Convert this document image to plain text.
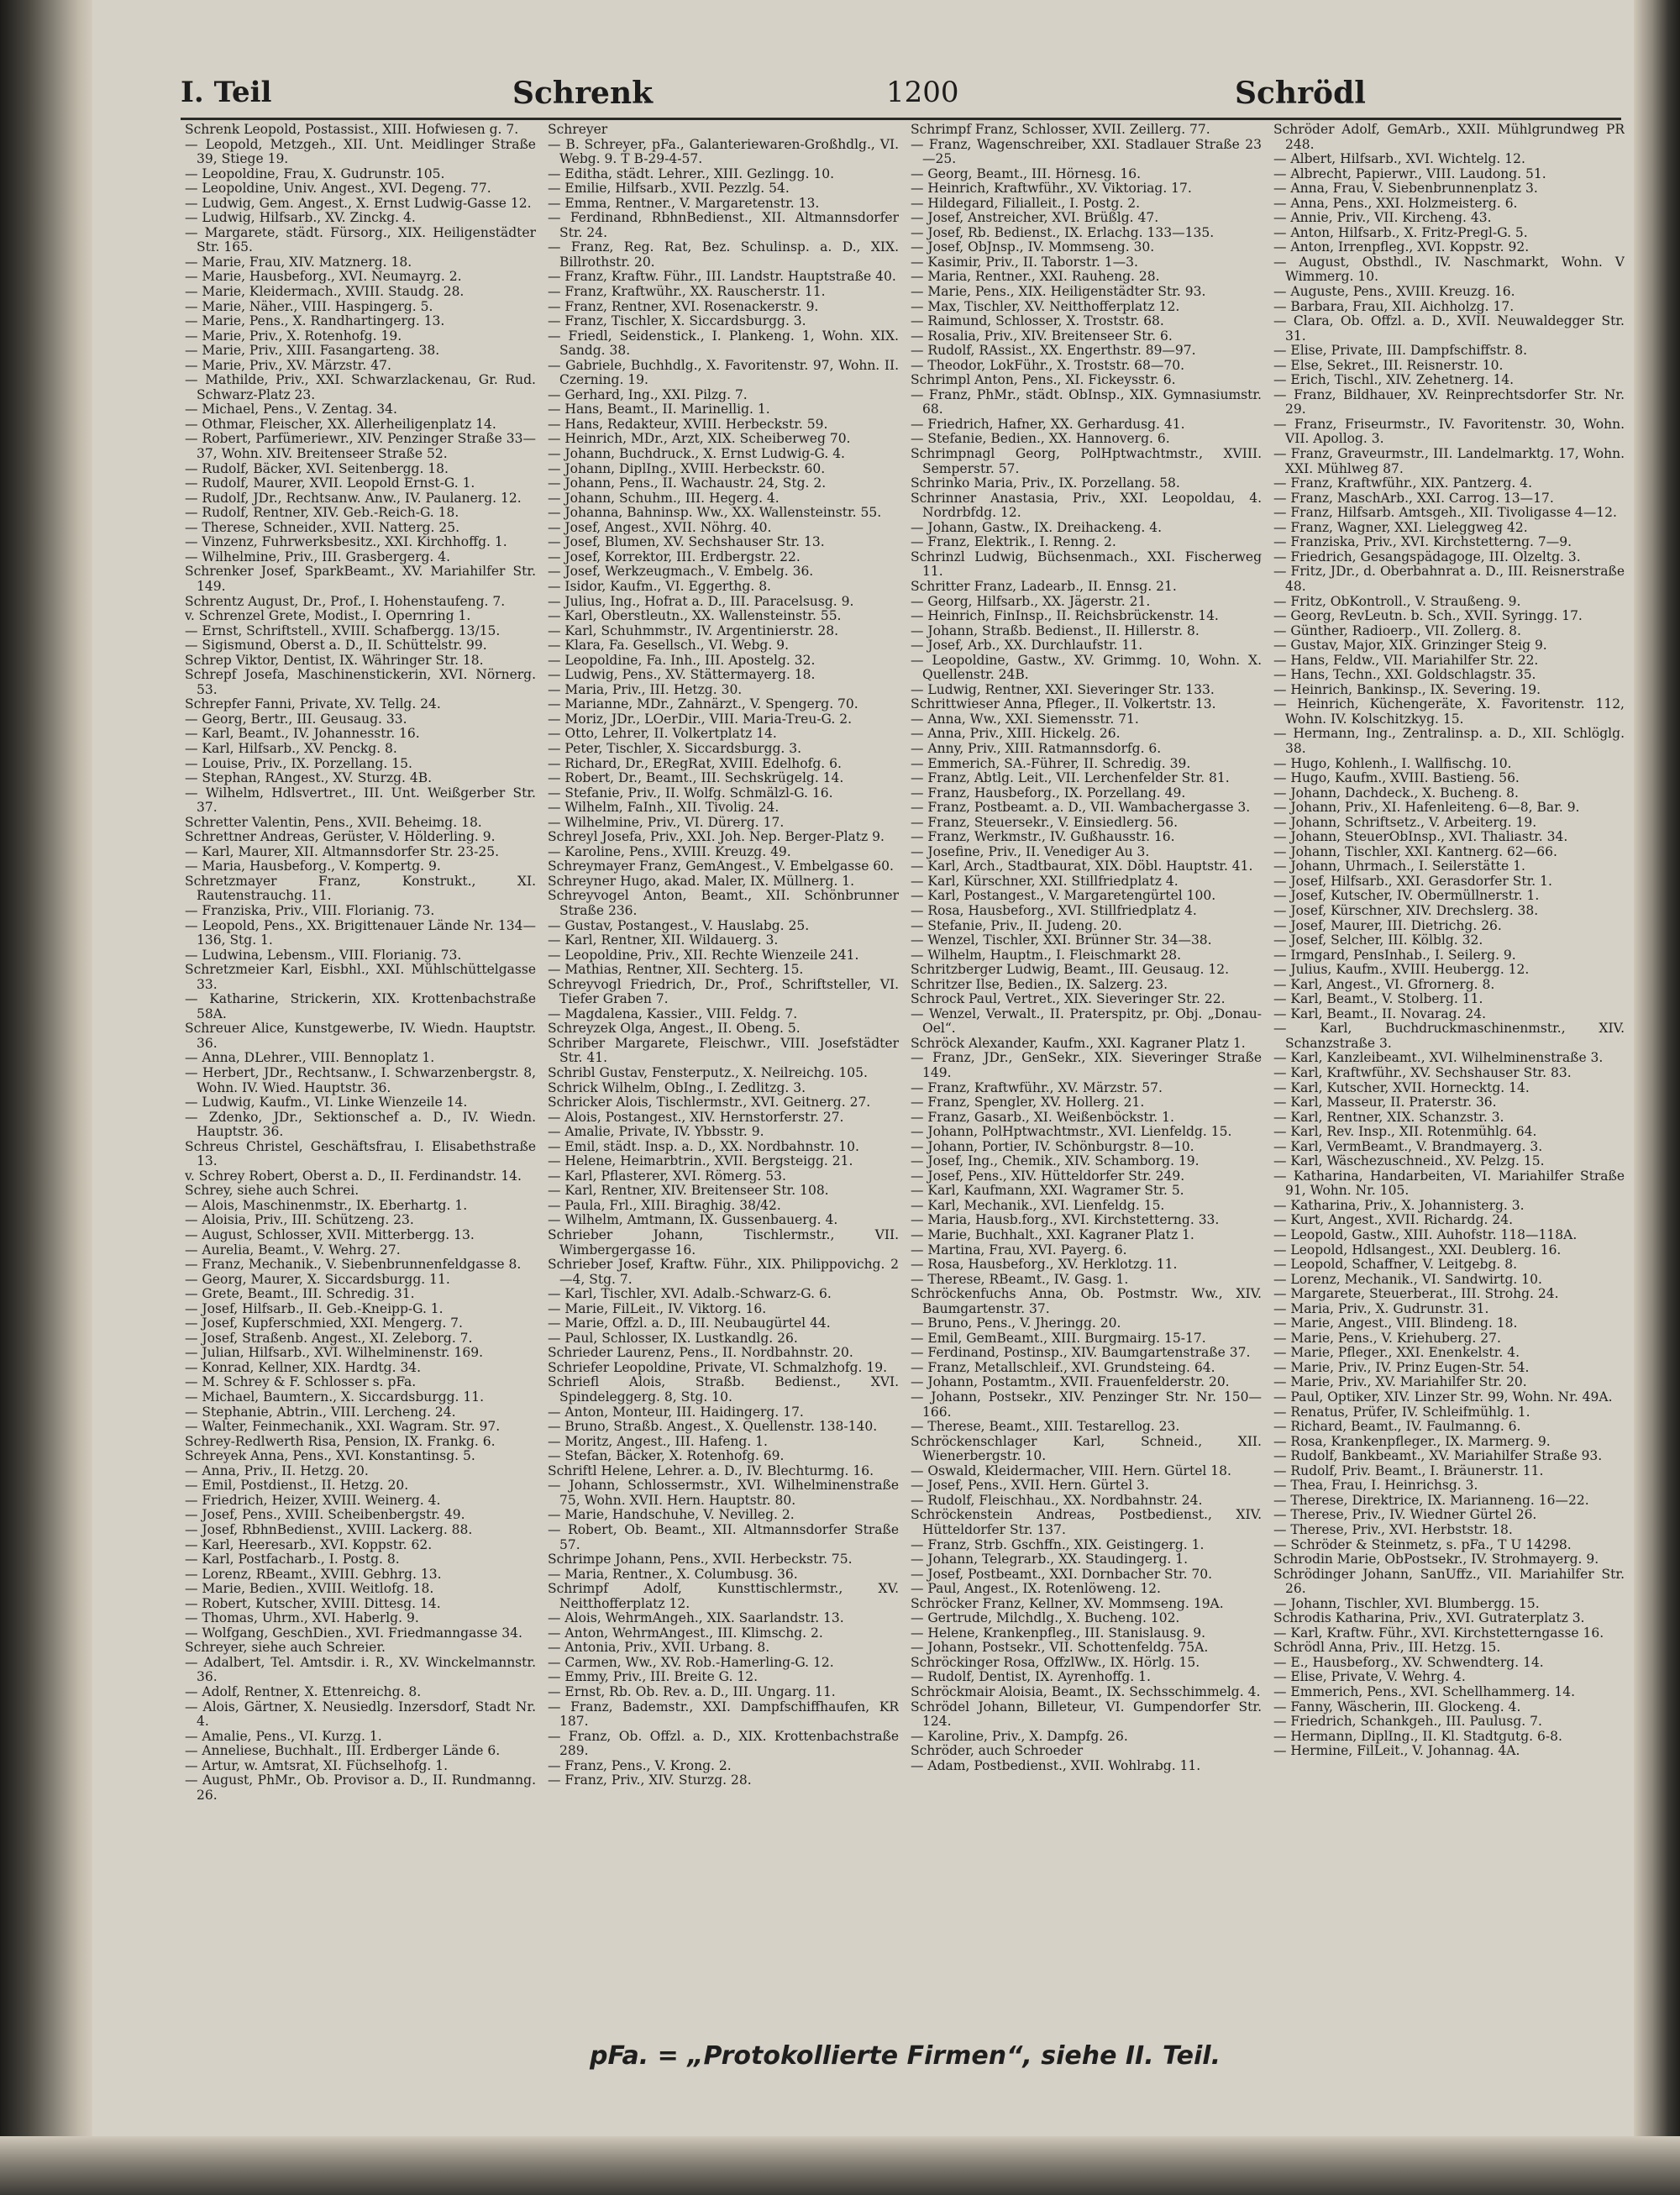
I. Teil	Schrenk	1200	Schrödl
Schrenk Leopold, Postassist., XIII. Hofwiesen g. 7.
— Leopold, Metzgeh., XII. Unt. Meidlinger Straße 39, Stiege 19.
— Leopoldine, Frau, X. Gudrunstr. 105.
— Leopoldine, Univ. Angest., XVI. Degeng. 77.
— Ludwig, Gem. Angest., X. Ernst Ludwig-Gasse 12.
— Ludwig, Hilfsarb., XV. Zinckg. 4.
— Margarete, städt. Fürsorg., XIX. Heiligenstädter Str. 165.
— Marie, Frau, XIV. Matznerg. 18.
— Marie, Hausbeforg., XVI. Neumayrg. 2.
— Marie, Kleidermach., XVIII. Staudg. 28.
— Marie, Näher., VIII. Haspingerg. 5.
— Marie, Pens., X. Randhartingerg. 13.
— Marie, Priv., X. Rotenhofg. 19.
— Marie, Priv., XIII. Fasangarteng. 38.
— Marie, Priv., XV. Märzstr. 47.
— Mathilde, Priv., XXI. Schwarzlackenau, Gr. Rud. Schwarz-Platz 23.
— Michael, Pens., V. Zentag. 34.
— Othmar, Fleischer, XX. Allerheiligenplatz 14.
— Robert, Parfümeriewr., XIV. Penzinger Straße 33—37, Wohn. XIV. Breitenseer Straße 52.
— Rudolf, Bäcker, XVI. Seitenbergg. 18.
— Rudolf, Maurer, XVII. Leopold Ernst-G. 1.
— Rudolf, JDr., Rechtsanw. Anw., IV. Paulanerg. 12.
— Rudolf, Rentner, XIV. Geb.-Reich-G. 18.
— Therese, Schneider., XVII. Natterg. 25.
— Vinzenz, Fuhrwerksbesitz., XXI. Kirchhoffg. 1.
— Wilhelmine, Priv., III. Grasbergerg. 4.
Schrenker Josef, SparkBeamt., XV. Mariahilfer Str. 149.
Schrentz August, Dr., Prof., I. Hohenstaufeng. 7.
v. Schrenzel Grete, Modist., I. Opernring 1.
— Ernst, Schriftstell., XVIII. Schafbergg. 13/15.
— Sigismund, Oberst a. D., II. Schüttelstr. 99.
Schrep Viktor, Dentist, IX. Währinger Str. 18.
Schrepf Josefa, Maschinenstickerin, XVI. Nörnerg. 53.
Schrepfer Fanni, Private, XV. Tellg. 24.
— Georg, Bertr., III. Geusaug. 33.
— Karl, Beamt., IV. Johannesstr. 16.
— Karl, Hilfsarb., XV. Penckg. 8.
— Louise, Priv., IX. Porzellang. 15.
— Stephan, RAngest., XV. Sturzg. 4B.
— Wilhelm, Hdlsvertret., III. Unt. Weißgerber Str. 37.
Schretter Valentin, Pens., XVII. Beheimg. 18.
Schrettner Andreas, Gerüster, V. Hölderling. 9.
— Karl, Maurer, XII. Altmannsdorfer Str. 23-25.
— Maria, Hausbeforg., V. Kompertg. 9.
Schretzmayer Franz, Konstrukt., XI. Rautenstrauchg. 11.
— Franziska, Priv., VIII. Florianig. 73.
— Leopold, Pens., XX. Brigittenauer Lände Nr. 134—136, Stg. 1.
— Ludwina, Lebensm., VIII. Florianig. 73.
Schretzmeier Karl, Eisbhl., XXI. Mühlschüttelgasse 33.
— Katharine, Strickerin, XIX. Krottenbachstraße 58A.
Schreuer Alice, Kunstgewerbe, IV. Wiedn. Hauptstr. 36.
— Anna, DLehrer., VIII. Bennoplatz 1.
— Herbert, JDr., Rechtsanw., I. Schwarzenbergstr. 8, Wohn. IV. Wied. Hauptstr. 36.
— Ludwig, Kaufm., VI. Linke Wienzeile 14.
— Zdenko, JDr., Sektionschef a. D., IV. Wiedn. Hauptstr. 36.
Schreus Christel, Geschäftsfrau, I. Elisabethstraße 13.
v. Schrey Robert, Oberst a. D., II. Ferdinandstr. 14.
Schrey, siehe auch Schrei.
— Alois, Maschinenmstr., IX. Eberhartg. 1.
— Aloisia, Priv., III. Schützeng. 23.
— August, Schlosser, XVII. Mitterbergg. 13.
— Aurelia, Beamt., V. Wehrg. 27.
— Franz, Mechanik., V. Siebenbrunnenfeldgasse 8.
— Georg, Maurer, X. Siccardsburgg. 11.
— Grete, Beamt., III. Schredig. 31.
— Josef, Hilfsarb., II. Geb.-Kneipp-G. 1.
— Josef, Kupferschmied, XXI. Mengerg. 7.
— Josef, Straßenb. Angest., XI. Zeleborg. 7.
— Julian, Hilfsarb., XVI. Wilhelminenstr. 169.
— Konrad, Kellner, XIX. Hardtg. 34.
— M. Schrey & F. Schlosser s. pFa.
— Michael, Baumtern., X. Siccardsburgg. 11.
— Stephanie, Abtrin., VIII. Lercheng. 24.
— Walter, Feinmechanik., XXI. Wagram. Str. 97.
Schrey-Redlwerth Risa, Pension, IX. Frankg. 6.
Schreyek Anna, Pens., XVI. Konstantinsg. 5.
— Anna, Priv., II. Hetzg. 20.
— Emil, Postdienst., II. Hetzg. 20.
— Friedrich, Heizer, XVIII. Weinerg. 4.
— Josef, Pens., XVIII. Scheibenbergstr. 49.
— Josef, RbhnBedienst., XVIII. Lackerg. 88.
— Karl, Heeresarb., XVI. Koppstr. 62.
— Karl, Postfacharb., I. Postg. 8.
— Lorenz, RBeamt., XVIII. Gebhrg. 13.
— Marie, Bedien., XVIII. Weitlofg. 18.
— Robert, Kutscher, XVIII. Dittesg. 14.
— Thomas, Uhrm., XVI. Haberlg. 9.
— Wolfgang, GeschDien., XVI. Friedmanngasse 34.
Schreyer, siehe auch Schreier.
— Adalbert, Tel. Amtsdir. i. R., XV. Winckelmannstr. 36.
— Adolf, Rentner, X. Ettenreichg. 8.
— Alois, Gärtner, X. Neusiedlg. Inzersdorf, Stadt Nr. 4.
— Amalie, Pens., VI. Kurzg. 1.
— Anneliese, Buchhalt., III. Erdberger Lände 6.
— Artur, w. Amtsrat, XI. Füchselhofg. 1.
— August, PhMr., Ob. Provisor a. D., II. Rundmanng. 26.
Schreyer
— B. Schreyer, pFa., Galanteriewaren-Großhdlg., VI. Webg. 9. T B-29-4-57.
— Editha, städt. Lehrer., XIII. Gezlingg. 10.
— Emilie, Hilfsarb., XVII. Pezzlg. 54.
— Emma, Rentner., V. Margaretenstr. 13.
— Ferdinand, RbhnBedienst., XII. Altmannsdorfer Str. 24.
— Franz, Reg. Rat, Bez. Schulinsp. a. D., XIX. Billrothstr. 20.
— Franz, Kraftw. Führ., III. Landstr. Hauptstraße 40.
— Franz, Kraftwühr., XX. Rauscherstr. 11.
— Franz, Rentner, XVI. Rosenackerstr. 9.
— Franz, Tischler, X. Siccardsburgg. 3.
— Friedl, Seidenstick., I. Plankeng. 1, Wohn. XIX. Sandg. 38.
— Gabriele, Buchhdlg., X. Favoritenstr. 97, Wohn. II. Czerning. 19.
— Gerhard, Ing., XXI. Pilzg. 7.
— Hans, Beamt., II. Marinellig. 1.
— Hans, Redakteur, XVIII. Herbeckstr. 59.
— Heinrich, MDr., Arzt, XIX. Scheiberweg 70.
— Johann, Buchdruck., X. Ernst Ludwig-G. 4.
— Johann, DiplIng., XVIII. Herbeckstr. 60.
— Johann, Pens., II. Wachaustr. 24, Stg. 2.
— Johann, Schuhm., III. Hegerg. 4.
— Johanna, Bahninsp. Ww., XX. Wallensteinstr. 55.
— Josef, Angest., XVII. Nöhrg. 40.
— Josef, Blumen, XV. Sechshauser Str. 13.
— Josef, Korrektor, III. Erdbergstr. 22.
— Josef, Werkzeugmach., V. Embelg. 36.
— Isidor, Kaufm., VI. Eggerthg. 8.
— Julius, Ing., Hofrat a. D., III. Paracelsusg. 9.
— Karl, Oberstleutn., XX. Wallensteinstr. 55.
— Karl, Schuhmmstr., IV. Argentinierstr. 28.
— Klara, Fa. Gesellsch., VI. Webg. 9.
— Leopoldine, Fa. Inh., III. Apostelg. 32.
— Ludwig, Pens., XV. Stättermayerg. 18.
— Maria, Priv., III. Hetzg. 30.
— Marianne, MDr., Zahnärzt., V. Spengerg. 70.
— Moriz, JDr., LOerDir., VIII. Maria-Treu-G. 2.
— Otto, Lehrer, II. Volkertplatz 14.
— Peter, Tischler, X. Siccardsburgg. 3.
— Richard, Dr., ERegRat, XVIII. Edelhofg. 6.
— Robert, Dr., Beamt., III. Sechskrügelg. 14.
— Stefanie, Priv., II. Wolfg. Schmälzl-G. 16.
— Wilhelm, FaInh., XII. Tivolig. 24.
— Wilhelmine, Priv., VI. Dürerg. 17.
Schreyl Josefa, Priv., XXI. Joh. Nep. Berger-Platz 9.
— Karoline, Pens., XVIII. Kreuzg. 49.
Schreymayer Franz, GemAngest., V. Embelgasse 60.
Schreyner Hugo, akad. Maler, IX. Müllnerg. 1.
Schreyvogel Anton, Beamt., XII. Schönbrunner Straße 236.
— Gustav, Postangest., V. Hauslabg. 25.
— Karl, Rentner, XII. Wildauerg. 3.
— Leopoldine, Priv., XII. Rechte Wienzeile 241.
— Mathias, Rentner, XII. Sechterg. 15.
Schreyvogl Friedrich, Dr., Prof., Schriftsteller, VI. Tiefer Graben 7.
— Magdalena, Kassier., VIII. Feldg. 7.
Schreyzek Olga, Angest., II. Obeng. 5.
Schriber Margarete, Fleischwr., VIII. Josefstädter Str. 41.
Schribl Gustav, Fensterputz., X. Neilreichg. 105.
Schrick Wilhelm, ObIng., I. Zedlitzg. 3.
Schricker Alois, Tischlermstr., XVI. Geitnerg. 27.
— Alois, Postangest., XIV. Hernstorferstr. 27.
— Amalie, Private, IV. Ybbsstr. 9.
— Emil, städt. Insp. a. D., XX. Nordbahnstr. 10.
— Helene, Heimarbtrin., XVII. Bergsteigg. 21.
— Karl, Pflasterer, XVI. Römerg. 53.
— Karl, Rentner, XIV. Breitenseer Str. 108.
— Paula, Frl., XIII. Biraghig. 38/42.
— Wilhelm, Amtmann, IX. Gussenbauerg. 4.
Schrieber Johann, Tischlermstr., VII. Wimbergergasse 16.
Schrieber Josef, Kraftw. Führ., XIX. Philippovichg. 2—4, Stg. 7.
— Karl, Tischler, XVI. Adalb.-Schwarz-G. 6.
— Marie, FilLeit., IV. Viktorg. 16.
— Marie, Offzl. a. D., III. Neubaugürtel 44.
— Paul, Schlosser, IX. Lustkandlg. 26.
Schrieder Laurenz, Pens., II. Nordbahnstr. 20.
Schriefer Leopoldine, Private, VI. Schmalzhofg. 19.
Schriefl Alois, Straßb. Bedienst., XVI. Spindeleggerg. 8, Stg. 10.
— Anton, Monteur, III. Haidingerg. 17.
— Bruno, Straßb. Angest., X. Quellenstr. 138-140.
— Moritz, Angest., III. Hafeng. 1.
— Stefan, Bäcker, X. Rotenhofg. 69.
Schriftl Helene, Lehrer. a. D., IV. Blechturmg. 16.
— Johann, Schlossermstr., XVI. Wilhelminenstraße 75, Wohn. XVII. Hern. Hauptstr. 80.
— Marie, Handschuhe, V. Nevilleg. 2.
— Robert, Ob. Beamt., XII. Altmannsdorfer Straße 57.
Schrimpe Johann, Pens., XVII. Herbeckstr. 75.
— Maria, Rentner., X. Columbusg. 36.
Schrimpf Adolf, Kunsttischlermstr., XV. Neitthofferplatz 12.
— Alois, WehrmAngeh., XIX. Saarlandstr. 13.
— Anton, WehrmAngest., III. Klimschg. 2.
— Antonia, Priv., XVII. Urbang. 8.
— Carmen, Ww., XV. Rob.-Hamerling-G. 12.
— Emmy, Priv., III. Breite G. 12.
— Ernst, Rb. Ob. Rev. a. D., III. Ungarg. 11.
— Franz, Bademstr., XXI. Dampfschiffhaufen, KR 187.
— Franz, Ob. Offzl. a. D., XIX. Krottenbachstraße 289.
— Franz, Pens., V. Krong. 2.
— Franz, Priv., XIV. Sturzg. 28.
Schrimpf Franz, Schlosser, XVII. Zeillerg. 77.
— Franz, Wagenschreiber, XXI. Stadlauer Straße 23—25.
— Georg, Beamt., III. Hörnesg. 16.
— Heinrich, Kraftwführ., XV. Viktoriag. 17.
— Hildegard, Filialleit., I. Postg. 2.
— Josef, Anstreicher, XVI. Brüßlg. 47.
— Josef, Rb. Bedienst., IX. Erlachg. 133—135.
— Josef, ObJnsp., IV. Mommseng. 30.
— Kasimir, Priv., II. Taborstr. 1—3.
— Maria, Rentner., XXI. Rauheng. 28.
— Marie, Pens., XIX. Heiligenstädter Str. 93.
— Max, Tischler, XV. Neitthofferplatz 12.
— Raimund, Schlosser, X. Troststr. 68.
— Rosalia, Priv., XIV. Breitenseer Str. 6.
— Rudolf, RAssist., XX. Engerthstr. 89—97.
— Theodor, LokFühr., X. Troststr. 68—70.
Schrimpl Anton, Pens., XI. Fickeysstr. 6.
— Franz, PhMr., städt. ObInsp., XIX. Gymnasiumstr. 68.
— Friedrich, Hafner, XX. Gerhardusg. 41.
— Stefanie, Bedien., XX. Hannoverg. 6.
Schrimpnagl Georg, PolHptwachtmstr., XVIII. Semperstr. 57.
Schrinko Maria, Priv., IX. Porzellang. 58.
Schrinner Anastasia, Priv., XXI. Leopoldau, 4. Nordrbfdg. 12.
— Johann, Gastw., IX. Dreihackeng. 4.
— Franz, Elektrik., I. Renng. 2.
Schrinzl Ludwig, Büchsenmach., XXI. Fischerweg 11.
Schritter Franz, Ladearb., II. Ennsg. 21.
— Georg, Hilfsarb., XX. Jägerstr. 21.
— Heinrich, FinInsp., II. Reichsbrückenstr. 14.
— Johann, Straßb. Bedienst., II. Hillerstr. 8.
— Josef, Arb., XX. Durchlaufstr. 11.
— Leopoldine, Gastw., XV. Grimmg. 10, Wohn. X. Quellenstr. 24B.
— Ludwig, Rentner, XXI. Sieveringer Str. 133.
Schrittwieser Anna, Pfleger., II. Volkertstr. 13.
— Anna, Ww., XXI. Siemensstr. 71.
— Anna, Priv., XIII. Hickelg. 26.
— Anny, Priv., XIII. Ratmannsdorfg. 6.
— Emmerich, SA.-Führer, II. Schredig. 39.
— Franz, Abtlg. Leit., VII. Lerchenfelder Str. 81.
— Franz, Hausbeforg., IX. Porzellang. 49.
— Franz, Postbeamt. a. D., VII. Wambachergasse 3.
— Franz, Steuersekr., V. Einsiedlerg. 56.
— Franz, Werkmstr., IV. Gußhausstr. 16.
— Josefine, Priv., II. Venediger Au 3.
— Karl, Arch., Stadtbaurat, XIX. Döbl. Hauptstr. 41.
— Karl, Kürschner, XXI. Stillfriedplatz 4.
— Karl, Postangest., V. Margaretengürtel 100.
— Rosa, Hausbeforg., XVI. Stillfriedplatz 4.
— Stefanie, Priv., II. Judeng. 20.
— Wenzel, Tischler, XXI. Brünner Str. 34—38.
— Wilhelm, Hauptm., I. Fleischmarkt 28.
Schritzberger Ludwig, Beamt., III. Geusaug. 12.
Schritzer Ilse, Bedien., IX. Salzerg. 23.
Schrock Paul, Vertret., XIX. Sieveringer Str. 22.
— Wenzel, Verwalt., II. Praterspitz, pr. Obj. „Donau-Oel“.
Schröck Alexander, Kaufm., XXI. Kagraner Platz 1.
— Franz, JDr., GenSekr., XIX. Sieveringer Straße 149.
— Franz, Kraftwführ., XV. Märzstr. 57.
— Franz, Spengler, XV. Hollerg. 21.
— Franz, Gasarb., XI. Weißenböckstr. 1.
— Johann, PolHptwachtmstr., XVI. Lienfeldg. 15.
— Johann, Portier, IV. Schönburgstr. 8—10.
— Josef, Ing., Chemik., XIV. Schamborg. 19.
— Josef, Pens., XIV. Hütteldorfer Str. 249.
— Karl, Kaufmann, XXI. Wagramer Str. 5.
— Karl, Mechanik., XVI. Lienfeldg. 15.
— Maria, Hausb.forg., XVI. Kirchstetterng. 33.
— Marie, Buchhalt., XXI. Kagraner Platz 1.
— Martina, Frau, XVI. Payerg. 6.
— Rosa, Hausbeforg., XV. Herklotzg. 11.
— Therese, RBeamt., IV. Gasg. 1.
Schröckenfuchs Anna, Ob. Postmstr. Ww., XIV. Baumgartenstr. 37.
— Bruno, Pens., V. Jheringg. 20.
— Emil, GemBeamt., XIII. Burgmairg. 15-17.
— Ferdinand, Postinsp., XIV. Baumgartenstraße 37.
— Franz, Metallschleif., XVI. Grundsteing. 64.
— Johann, Postamtm., XVII. Frauenfelderstr. 20.
— Johann, Postsekr., XIV. Penzinger Str. Nr. 150—166.
— Therese, Beamt., XIII. Testarellog. 23.
Schröckenschlager Karl, Schneid., XII. Wienerbergstr. 10.
— Oswald, Kleidermacher, VIII. Hern. Gürtel 18.
— Josef, Pens., XVII. Hern. Gürtel 3.
— Rudolf, Fleischhau., XX. Nordbahnstr. 24.
Schröckenstein Andreas, Postbedienst., XIV. Hütteldorfer Str. 137.
— Franz, Strb. Gschffn., XIX. Geistingerg. 1.
— Johann, Telegrarb., XX. Staudingerg. 1.
— Josef, Postbeamt., XXI. Dornbacher Str. 70.
— Paul, Angest., IX. Rotenlöweng. 12.
Schröcker Franz, Kellner, XV. Mommseng. 19A.
— Gertrude, Milchdlg., X. Bucheng. 102.
— Helene, Krankenpfleg., III. Stanislausg. 9.
— Johann, Postsekr., VII. Schottenfeldg. 75A.
Schröckinger Rosa, OffzlWw., IX. Hörlg. 15.
— Rudolf, Dentist, IX. Ayrenhoffg. 1.
Schröckmair Aloisia, Beamt., IX. Sechsschimmelg. 4.
Schrödel Johann, Billeteur, VI. Gumpendorfer Str. 124.
— Karoline, Priv., X. Dampfg. 26.
Schröder, auch Schroeder
— Adam, Postbedienst., XVII. Wohlrabg. 11.
Schröder Adolf, GemArb., XXII. Mühlgrundweg PR 248.
— Albert, Hilfsarb., XVI. Wichtelg. 12.
— Albrecht, Papierwr., VIII. Laudong. 51.
— Anna, Frau, V. Siebenbrunnenplatz 3.
— Anna, Pens., XXI. Holzmeisterg. 6.
— Annie, Priv., VII. Kircheng. 43.
— Anton, Hilfsarb., X. Fritz-Pregl-G. 5.
— Anton, Irrenpfleg., XVI. Koppstr. 92.
— August, Obsthdl., IV. Naschmarkt, Wohn. V Wimmerg. 10.
— Auguste, Pens., XVIII. Kreuzg. 16.
— Barbara, Frau, XII. Aichholzg. 17.
— Clara, Ob. Offzl. a. D., XVII. Neuwaldegger Str. 31.
— Elise, Private, III. Dampfschiffstr. 8.
— Else, Sekret., III. Reisnerstr. 10.
— Erich, Tischl., XIV. Zehetnerg. 14.
— Franz, Bildhauer, XV. Reinprechtsdorfer Str. Nr. 29.
— Franz, Friseurmstr., IV. Favoritenstr. 30, Wohn. VII. Apollog. 3.
— Franz, Graveurmstr., III. Landelmarktg. 17, Wohn. XXI. Mühlweg 87.
— Franz, Kraftwführ., XIX. Pantzerg. 4.
— Franz, MaschArb., XXI. Carrog. 13—17.
— Franz, Hilfsarb. Amtsgeh., XII. Tivoligasse 4—12.
— Franz, Wagner, XXI. Lieleggweg 42.
— Franziska, Priv., XVI. Kirchstetterng. 7—9.
— Friedrich, Gesangspädagoge, III. Olzeltg. 3.
— Fritz, JDr., d. Oberbahnrat a. D., III. Reisnerstraße 48.
— Fritz, ObKontroll., V. Straußeng. 9.
— Georg, RevLeutn. b. Sch., XVII. Syringg. 17.
— Günther, Radioerp., VII. Zollerg. 8.
— Gustav, Major, XIX. Grinzinger Steig 9.
— Hans, Feldw., VII. Mariahilfer Str. 22.
— Hans, Techn., XXI. Goldschlagstr. 35.
— Heinrich, Bankinsp., IX. Severing. 19.
— Heinrich, Küchengeräte, X. Favoritenstr. 112, Wohn. IV. Kolschitzkyg. 15.
— Hermann, Ing., Zentralinsp. a. D., XII. Schlöglg. 38.
— Hugo, Kohlenh., I. Wallfischg. 10.
— Hugo, Kaufm., XVIII. Bastieng. 56.
— Johann, Dachdeck., X. Bucheng. 8.
— Johann, Priv., XI. Hafenleiteng. 6—8, Bar. 9.
— Johann, Schriftsetz., V. Arbeiterg. 19.
— Johann, SteuerObInsp., XVI. Thaliastr. 34.
— Johann, Tischler, XXI. Kantnerg. 62—66.
— Johann, Uhrmach., I. Seilerstätte 1.
— Josef, Hilfsarb., XXI. Gerasdorfer Str. 1.
— Josef, Kutscher, IV. Obermüllnerstr. 1.
— Josef, Kürschner, XIV. Drechslerg. 38.
— Josef, Maurer, III. Dietrichg. 26.
— Josef, Selcher, III. Kölblg. 32.
— Irmgard, PensInhab., I. Seilerg. 9.
— Julius, Kaufm., XVIII. Heubergg. 12.
— Karl, Angest., VI. Gfrornerg. 8.
— Karl, Beamt., V. Stolberg. 11.
— Karl, Beamt., II. Novarag. 24.
— Karl, Buchdruckmaschinenmstr., XIV. Schanzstraße 3.
— Karl, Kanzleibeamt., XVI. Wilhelminenstraße 3.
— Karl, Kraftwführ., XV. Sechshauser Str. 83.
— Karl, Kutscher, XVII. Hornecktg. 14.
— Karl, Masseur, II. Praterstr. 36.
— Karl, Rentner, XIX. Schanzstr. 3.
— Karl, Rev. Insp., XII. Rotenmühlg. 64.
— Karl, VermBeamt., V. Brandmayerg. 3.
— Karl, Wäschezuschneid., XV. Pelzg. 15.
— Katharina, Handarbeiten, VI. Mariahilfer Straße 91, Wohn. Nr. 105.
— Katharina, Priv., X. Johannisterg. 3.
— Kurt, Angest., XVII. Richardg. 24.
— Leopold, Gastw., XIII. Auhofstr. 118—118A.
— Leopold, Hdlsangest., XXI. Deublerg. 16.
— Leopold, Schaffner, V. Leitgebg. 8.
— Lorenz, Mechanik., VI. Sandwirtg. 10.
— Margarete, Steuerberat., III. Strohg. 24.
— Maria, Priv., X. Gudrunstr. 31.
— Marie, Angest., VIII. Blindeng. 18.
— Marie, Pens., V. Kriehuberg. 27.
— Marie, Pfleger., XXI. Enenkelstr. 4.
— Marie, Priv., IV. Prinz Eugen-Str. 54.
— Marie, Priv., XV. Mariahilfer Str. 20.
— Paul, Optiker, XIV. Linzer Str. 99, Wohn. Nr. 49A.
— Renatus, Prüfer, IV. Schleifmühlg. 1.
— Richard, Beamt., IV. Faulmanng. 6.
— Rosa, Krankenpfleger., IX. Marmerg. 9.
— Rudolf, Bankbeamt., XV. Mariahilfer Straße 93.
— Rudolf, Priv. Beamt., I. Bräunerstr. 11.
— Thea, Frau, I. Heinrichsg. 3.
— Therese, Direktrice, IX. Marianneng. 16—22.
— Therese, Priv., IV. Wiedner Gürtel 26.
— Therese, Priv., XVI. Herbststr. 18.
— Schröder & Steinmetz, s. pFa., T U 14298.
Schrodin Marie, ObPostsekr., IV. Strohmayerg. 9.
Schrödinger Johann, SanUffz., VII. Mariahilfer Str. 26.
— Johann, Tischler, XVI. Blumbergg. 15.
Schrodis Katharina, Priv., XVI. Gutraterplatz 3.
— Karl, Kraftw. Führ., XVI. Kirchstetterngasse 16.
Schrödl Anna, Priv., III. Hetzg. 15.
— E., Hausbeforg., XV. Schwendterg. 14.
— Elise, Private, V. Wehrg. 4.
— Emmerich, Pens., XVI. Schellhammerg. 14.
— Fanny, Wäscherin, III. Glockeng. 4.
— Friedrich, Schankgeh., III. Paulusg. 7.
— Hermann, DiplIng., II. Kl. Stadtgutg. 6-8.
— Hermine, FilLeit., V. Johannag. 4A.
pFa. = „Protokollierte Firmen“, siehe II. Teil.
